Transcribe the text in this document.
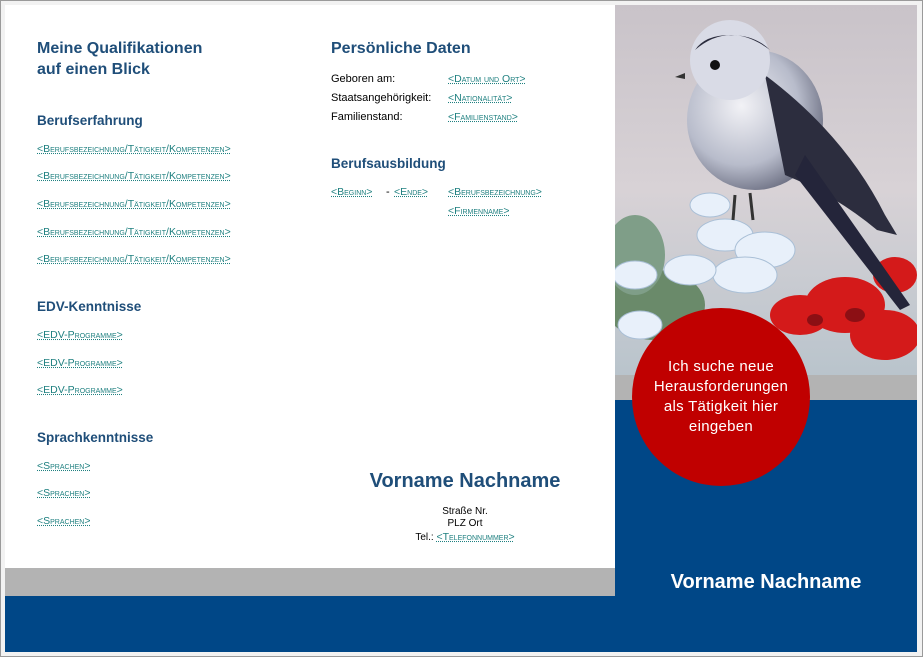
Meine Qualifikationen
auf einen Blick
Berufserfahrung
<Berufsbezeichnung/Tätigkeit/Kompetenzen>
<Berufsbezeichnung/Tätigkeit/Kompetenzen>
<Berufsbezeichnung/Tätigkeit/Kompetenzen>
<Berufsbezeichnung/Tätigkeit/Kompetenzen>
<Berufsbezeichnung/Tätigkeit/Kompetenzen>
EDV-Kenntnisse
<EDV-Programme>
<EDV-Programme>
<EDV-Programme>
Sprachkenntnisse
<Sprachen>
<Sprachen>
<Sprachen>
Persönliche Daten
Geboren am:	<Datum und Ort>
Staatsangehörigkeit: <Nationalität>
Familienstand:	<Familienstand>
Berufsausbildung
<Beginn> - <Ende> <Berufsbezeichnung>
<Firmenname>
Vorname Nachname
Straße Nr.
PLZ Ort
Tel.: <Telefonnummer>
Vorname Nachname
Ich suche neue Herausforderungen als Tätigkeit hier eingeben
